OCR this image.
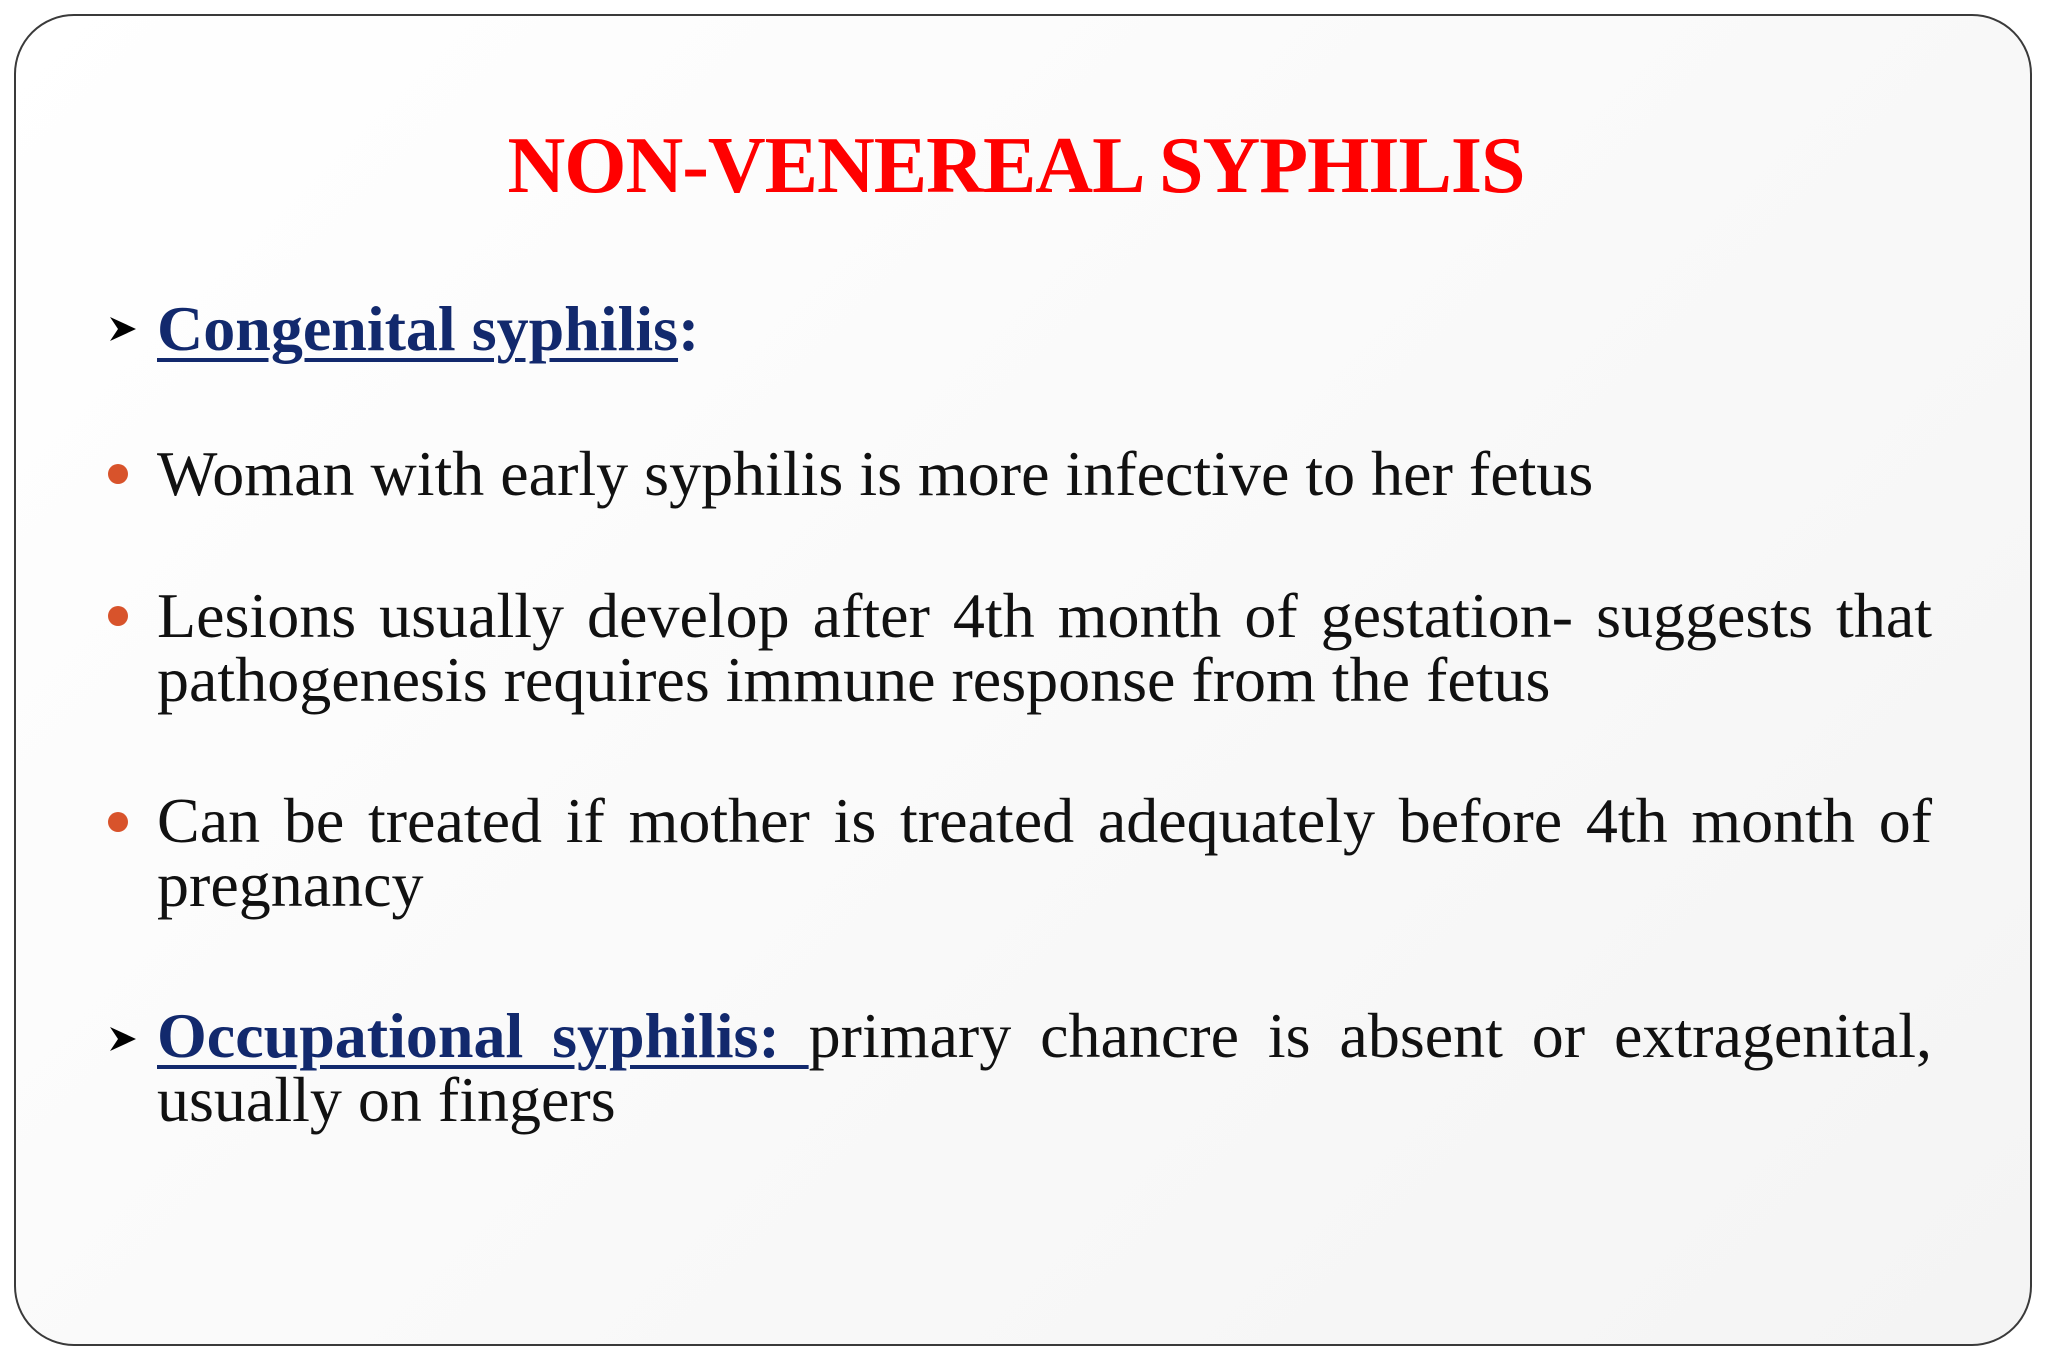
NON-VENEREAL SYPHILIS
Congenital syphilis:
Woman with early syphilis is more infective to her fetus
Lesions usually develop after 4th month of gestation- suggests that pathogenesis requires immune response from the fetus
Can be treated if mother is treated adequately before 4th month of pregnancy
Occupational syphilis: primary chancre is absent or extragenital, usually on fingers
